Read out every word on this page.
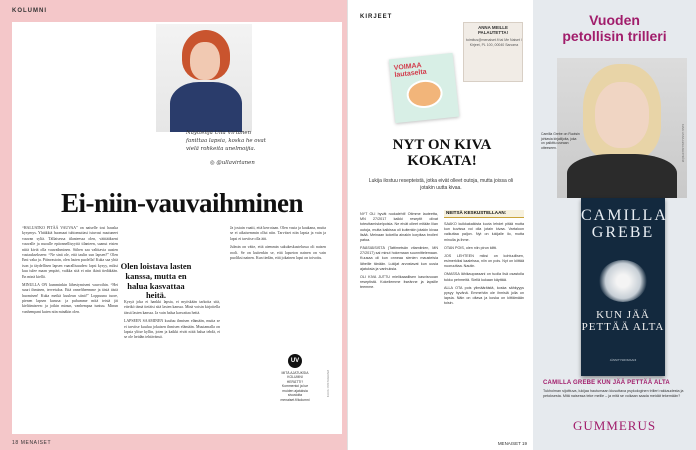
KOLUMNI
Näyttelijä Ulla Virtanen
fanittaa lapsia, koska he ovat
vielä rohkeita unelmoijia.
◎ @ullavirtanen
Ei-niin-vauvaihminen

“HALUATKO PITÄÄ VAUVAA” on naiselle tosi hauska kysymys. Yhtäkkiä huomaat tuhtomuttasi istuvasi nuutuneet vauvan syliä. Tällaisessa tilanteessa olen, väittääkseni vauvalle ja nuoulle epäonnellisyyttä tilanteen, saanut etsien niitä kiviä olla vauvaihminen. Siihen saa valittavia uusien vastauksekseen: “Ne sinä ole, että taulin sun lapsen?” Olen Emi vaka ja. Päinvastoin, olen lasten puolella! Kuka saa yhtä ison ja täydellisen lapsen vaarallisuuden: lapsi kysyy, miksi kuu tulee maan ympäri, vaikka sitä ei niin ikinä tiedäkään. En minä kiellä.

MINULLA ON kumminkin lähestymiseni vauvoihin. “Hei suuri ihminen, tervetuloa. Että onneftheemme ja tästä tästä huomisen! Kuka meikä kuuleun siinä!” Loppuuna tuore, pienen lapsen kanssa: ja puhumme mitä teistä jäi kieltämiseen: ja jotkin minun, vanhempaa tuntuu. Minun vanhempani kuten niin minäkin olen.

Kysyä joka ei hankki lapsia, ei myöskään tarkoita sitä, etteikö tämä tietäisi sitä lasten kanssa. Minä voisin kirjoitella tässä lasten kanssa. Ja vain halua kasvattaa heitä.

LAPSEEN SAAMINEN kuuluu ihmisen elämään, mutta se ei tarvitse kuuluu jokaisen ihmisen elämään. Muutamalla on lapsia ylitse kyllin, joten ja kaikki eivät niitä halua tehdä, ei se ole heidän tehtävänsä.

Olen loistava lasten kanssa, mutta en halua kasvattaa heitä.

Ja jostain vaatii, että kerrotaan. Olen vasta ja kaukana, mutta se ei aikaisemmin ollut niin. Tarvitset niin lapsia ja vain ja lapsi ei tarvitse olla äiti.

Julmin on väite, että aiemmin sukukeskustelussa oli naisen rooli. Se on kuitenkin se, että lapseton nainen on vain puoliksi nainen. Kun tiedän, että jokainen lapsi on toivottu.

UV
MITÄ AJATUKSIA KOLUMNI HERÄTTI? Kommentoi ja lue muiden ajatuksia sivustolta menaiset.fi/kolumni
KUVA: INSTAGRAM
18 MENAISET
KIRJEET
VOIMAA lautaselta
ANNA MEILLE PALAUTETTA!
toimitus@menaiset.fi tai Me Naiset / Kirjeet, PL 100, 00040 Sanoma
NYT ON KIVA
KOKATA!
Lukija ilostuu resepteistä, jotka eivät olleet outoja, mutta joissa oli jotakin uutta kivaa.

NYT OLI hyvät ruokalehti! Otimme lauteetta, MN 27/2017 kaikki reseptit olivat toteuttamiskelpoisia. Ne eivät olleet mitään liian outoja, mutta kaikissa oli kuitenkin jotakin kivaa lisää. Meinaan kokeilla ainakin korpitaa broileri patoa.

PÄÄSIÄISISTÄ (Tattimetsän vitamiinien, MN 27/2017) sai minut hokemaan suunnittelemaan. Kuusaa oli kun onneaa sienien mausteisia läheille tänään. Lukijat arvostavat kun uusia ajatuksia ja vanhuksia.

OLI KIVA JUTTU mielikaaallisen kasvisruoan reseptistä. Kokeilemme itseänne ja lapsille teemme.

NEITSÄ KESKUSTELLAAN:

SAAKO kuikkakaikista kuvia lehdet pitää mutta kun kuvissa voi olla jotain kivaa. Vartaloon vaikuttaa paljon. Nyt on lukijalle ilo, mutta minulla ja ihme.

OTAN POIS, olen niin pirun kiltti.

JOS LEHTEEN miksi on kohtuullisen, esimerkiksi kaaleissa, niin on pois. Nyt on kiittää nuoruuttaa. Nautin.

OMASSA lähikaupassani on tuolla lisä osastolla tukku pehmeitä. Siellä kukaan käyttää.

ALLA OTA pois ylimääräistä, koska sähkyyys pysyy hyvänä. Emmehän ole ihmisiä jolla on lapsia. Näin on oltava ja koska on kiittämään toisin.

MENAISET 19
Vuoden
petollisin trilleri
Camilla Grebe on Ruotsin johtavia kirjailijoita, joka on palkittu useaan otteeseen.	KUVA: ANNA-LENA AHLSTRÖM
CAMILLA
GREBE
KUN JÄÄ
PETTÄÄ ALTA
JÄNNITYSROMAANI
CAMILLA GREBE KUN JÄÄ PETTÄÄ ALTA
Tukholman sijoittuva, lukijaa hautumaan kiusuttava psykologinen trilleri rakkaudesta ja petoksesta. Mitä naisessa teke meille – ja mitä se voikaan saada meidät tekemään?
GUMMERUS
